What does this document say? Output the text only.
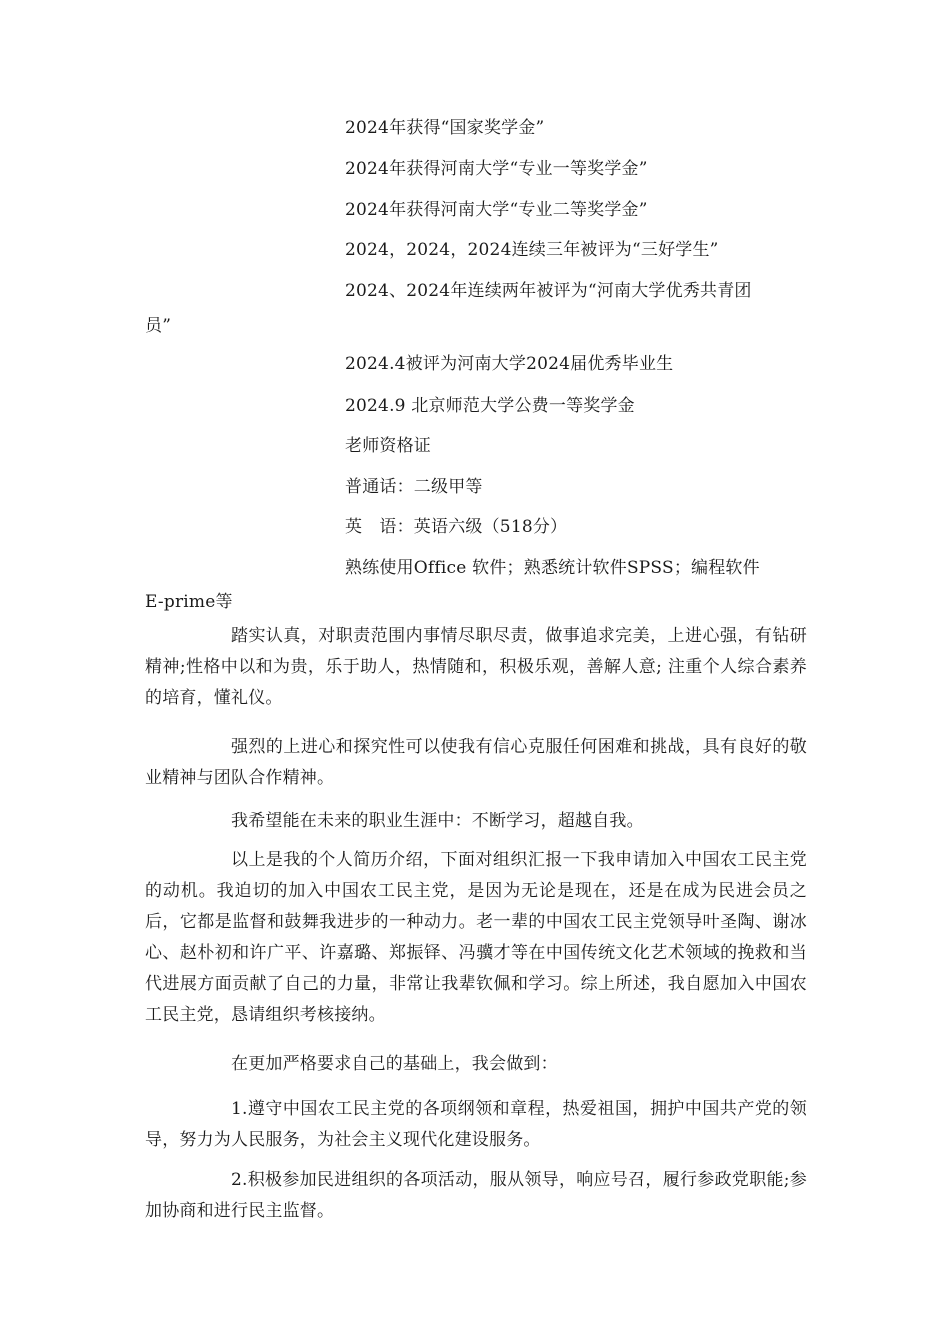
2024年获得“国家奖学金”
2024年获得河南大学“专业一等奖学金”
2024年获得河南大学“专业二等奖学金”
2024，2024，2024连续三年被评为“三好学生”
2024、2024年连续两年被评为“河南大学优秀共青团
员”
2024.4被评为河南大学2024届优秀毕业生
2024.9 北京师范大学公费一等奖学金
老师资格证
普通话：二级甲等
英　语：英语六级（518分）
熟练使用Office 软件；熟悉统计软件SPSS；编程软件
E-prime等

踏实认真，对职责范围内事情尽职尽责，做事追求完美，上进心强，有钻研精神;性格中以和为贵，乐于助人，热情随和，积极乐观，善解人意; 注重个人综合素养的培育，懂礼仪。

强烈的上进心和探究性可以使我有信心克服任何困难和挑战，具有良好的敬业精神与团队合作精神。

我希望能在未来的职业生涯中：不断学习，超越自我。

以上是我的个人简历介绍，下面对组织汇报一下我申请加入中国农工民主党的动机。我迫切的加入中国农工民主党，是因为无论是现在，还是在成为民进会员之后，它都是监督和鼓舞我进步的一种动力。老一辈的中国农工民主党领导叶圣陶、谢冰心、赵朴初和许广平、许嘉璐、郑振铎、冯骥才等在中国传统文化艺术领域的挽救和当代进展方面贡献了自己的力量，非常让我辈钦佩和学习。综上所述，我自愿加入中国农工民主党，恳请组织考核接纳。

在更加严格要求自己的基础上，我会做到：

1.遵守中国农工民主党的各项纲领和章程，热爱祖国，拥护中国共产党的领导，努力为人民服务，为社会主义现代化建设服务。

2.积极参加民进组织的各项活动，服从领导，响应号召，履行参政党职能;参加协商和进行民主监督。
